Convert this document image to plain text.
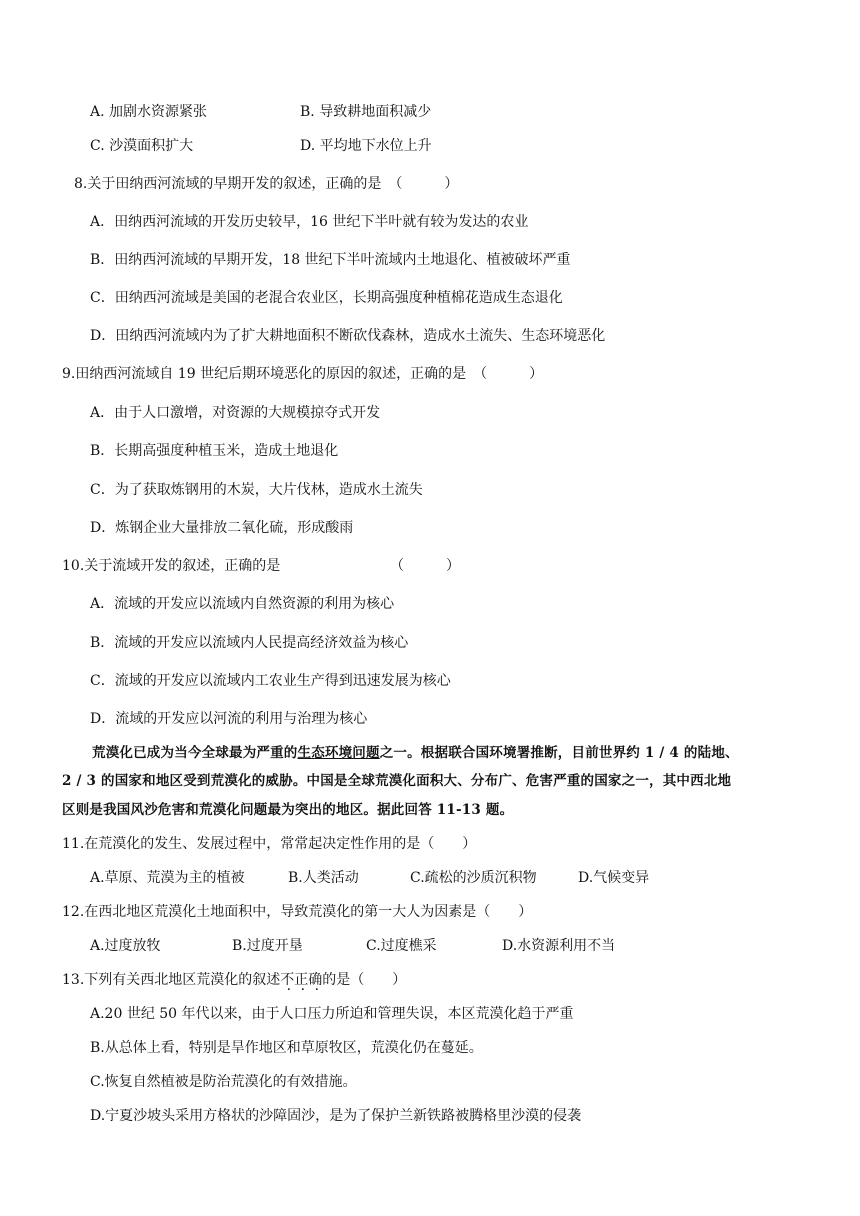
A. 加剧水资源紧张	B. 导致耕地面积减少
C. 沙漠面积扩大	D. 平均地下水位上升
8.关于田纳西河流域的早期开发的叙述，正确的是　（　　　）
A．田纳西河流域的开发历史较早，16 世纪下半叶就有较为发达的农业
B．田纳西河流域的早期开发，18 世纪下半叶流域内土地退化、植被破坏严重
C．田纳西河流域是美国的老混合农业区，长期高强度种植棉花造成生态退化
D．田纳西河流域内为了扩大耕地面积不断砍伐森林，造成水土流失、生态环境恶化
9.田纳西河流域自 19 世纪后期环境恶化的原因的叙述，正确的是　（　　　）
A．由于人口激增，对资源的大规模掠夺式开发
B．长期高强度种植玉米，造成土地退化
C．为了获取炼钢用的木炭，大片伐林，造成水土流失
D．炼钢企业大量排放二氧化硫，形成酸雨
10.关于流域开发的叙述，正确的是	（　　　）
A．流域的开发应以流域内自然资源的利用为核心
B．流域的开发应以流域内人民提高经济效益为核心
C．流域的开发应以流域内工农业生产得到迅速发展为核心
D．流域的开发应以河流的利用与治理为核心
荒漠化已成为当今全球最为严重的生态环境问题之一。根据联合国环境署推断，目前世界约 1 / 4 的陆地、
2 / 3 的国家和地区受到荒漠化的威胁。中国是全球荒漠化面积大、分布广、危害严重的国家之一，其中西北地
区则是我国风沙危害和荒漠化问题最为突出的地区。据此回答 11-13 题。
11.在荒漠化的发生、发展过程中，常常起决定性作用的是（　　）
A.草原、荒漠为主的植被	B.人类活动	C.疏松的沙质沉积物	D.气候变异
12.在西北地区荒漠化土地面积中，导致荒漠化的第一大人为因素是（　　）
A.过度放牧	B.过度开垦	C.过度樵采	D.水资源利用不当
13.下列有关西北地区荒漠化的叙述不正确的是（　　）
A.20 世纪 50 年代以来，由于人口压力所迫和管理失误，本区荒漠化趋于严重
B.从总体上看，特别是旱作地区和草原牧区，荒漠化仍在蔓延。
C.恢复自然植被是防治荒漠化的有效措施。
D.宁夏沙坡头采用方格状的沙障固沙，是为了保护兰新铁路被腾格里沙漠的侵袭
